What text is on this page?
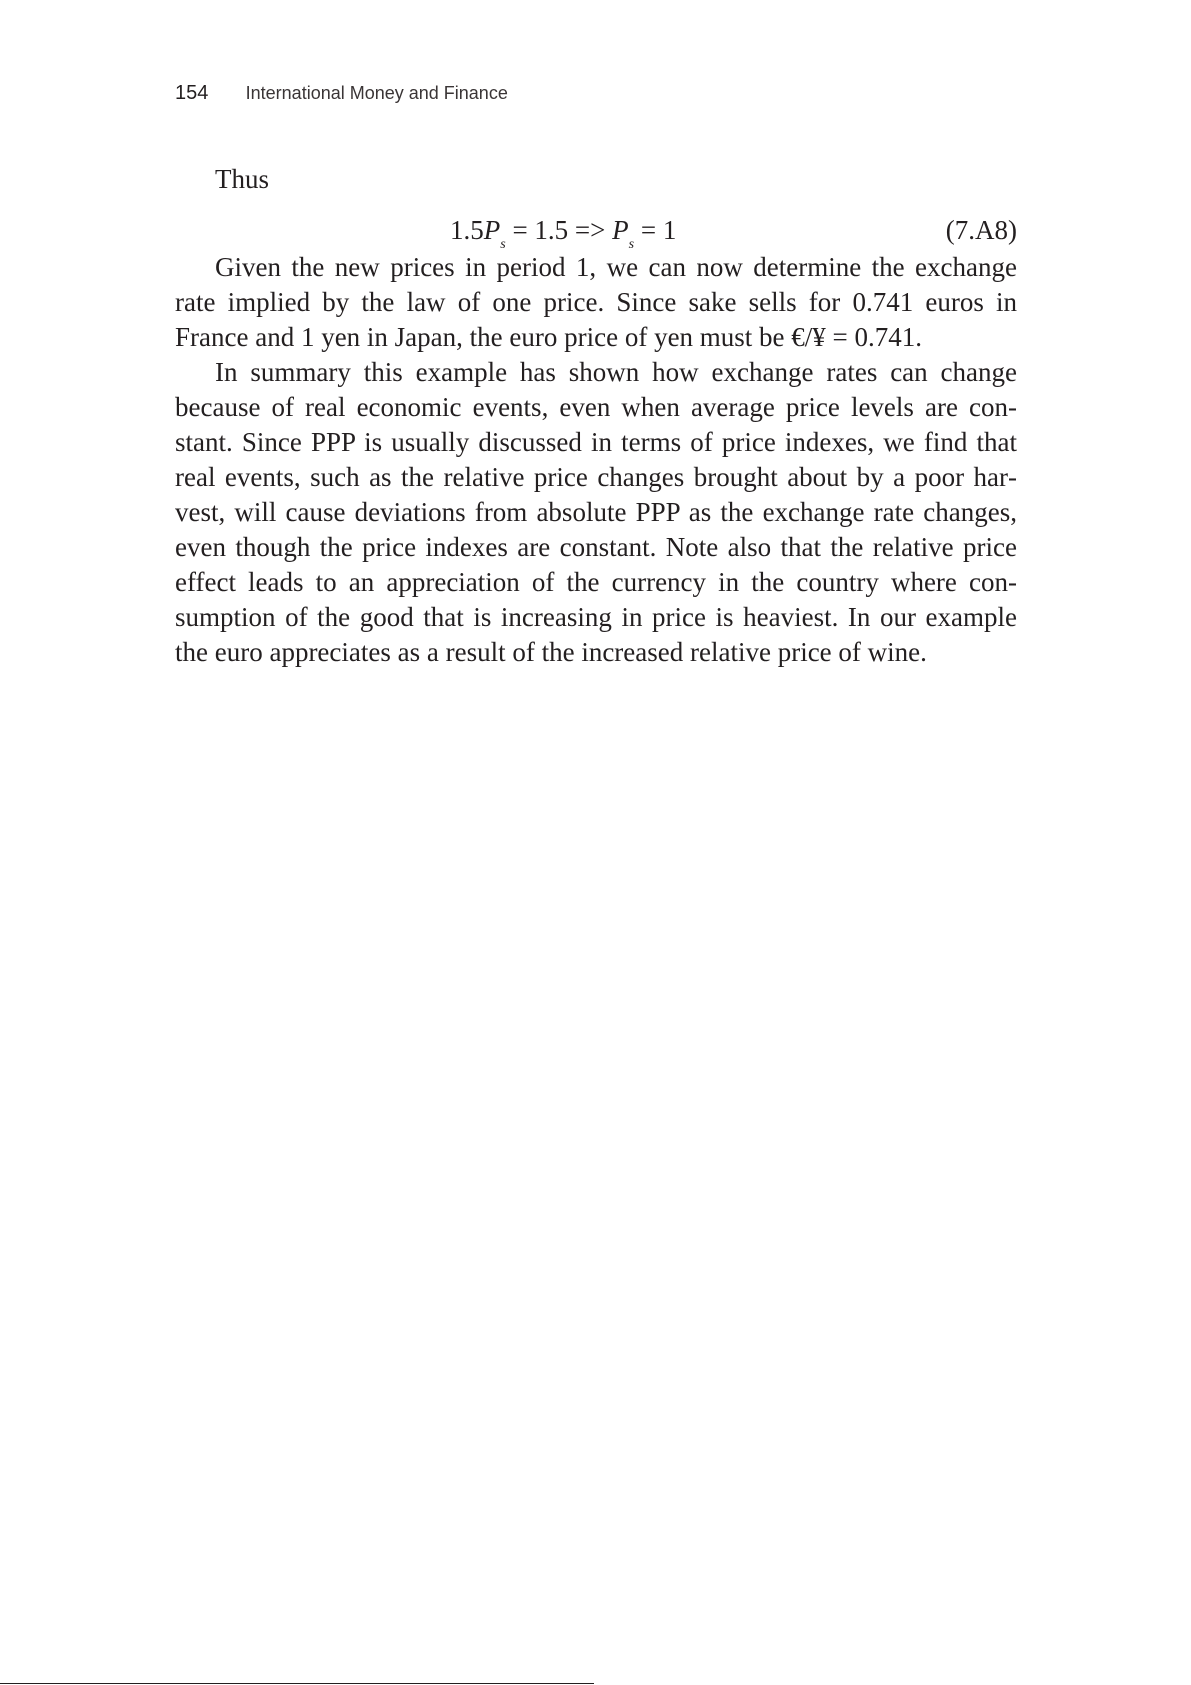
154 International Money and Finance
Thus
$1.5P_s = 1.5 => P_s = 1$	(7.A8)

Given the new prices in period 1, we can now determine the exchange rate implied by the law of one price. Since sake sells for 0.741 euros in France and 1 yen in Japan, the euro price of yen must be €/¥ = 0.741.

In summary this example has shown how exchange rates can change because of real economic events, even when average price levels are constant. Since PPP is usually discussed in terms of price indexes, we find that real events, such as the relative price changes brought about by a poor harvest, will cause deviations from absolute PPP as the exchange rate changes, even though the price indexes are constant. Note also that the relative price effect leads to an appreciation of the currency in the country where consumption of the good that is increasing in price is heaviest. In our example the euro appreciates as a result of the increased relative price of wine.
